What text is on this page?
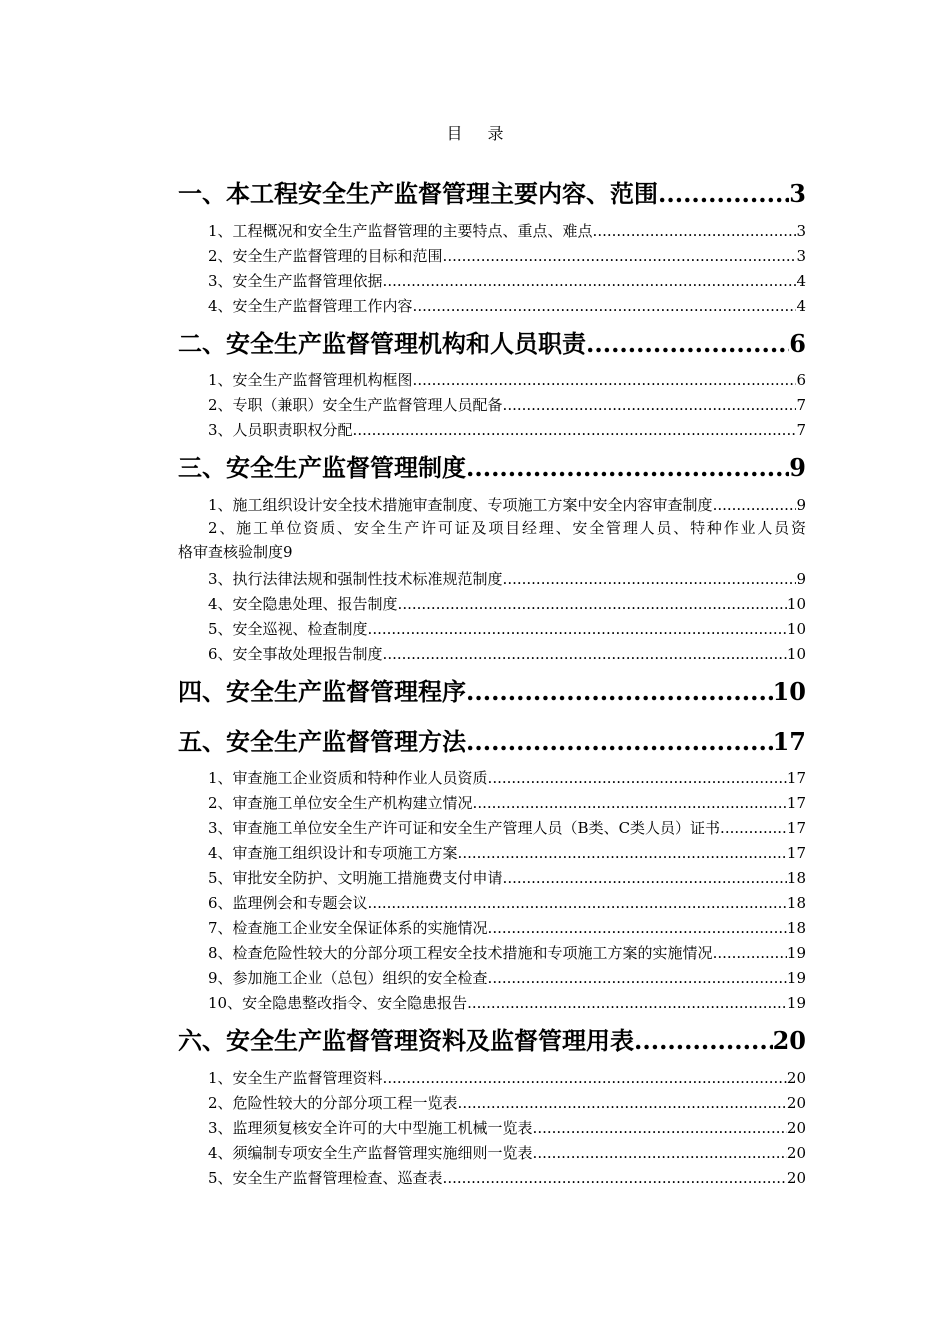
目 录
一、本工程安全生产监督管理主要内容、范围 .....	3
1、工程概况和安全生产监督管理的主要特点、重点、难点 .....	3
2、安全生产监督管理的目标和范围 .....	3
3、安全生产监督管理依据 .....	4
4、安全生产监督管理工作内容 .....	4
二、安全生产监督管理机构和人员职责 .....	6
1、安全生产监督管理机构框图 .....	6
2、专职（兼职）安全生产监督管理人员配备 .....	7
3、人员职责职权分配 .....	7
三、安全生产监督管理制度 .....	9
1、施工组织设计安全技术措施审查制度、专项施工方案中安全内容审查制度 .....	9
2、施工单位资质、安全生产许可证及项目经理、安全管理人员、特种作业人员资
格审查核验制度 9
3、执行法律法规和强制性技术标准规范制度 .....	9
4、安全隐患处理、报告制度 .....	10
5、安全巡视、检查制度 .....	10
6、安全事故处理报告制度 .....	10
四、安全生产监督管理程序 .....	10
五、安全生产监督管理方法 .....	17
1、审查施工企业资质和特种作业人员资质 .....	17
2、审查施工单位安全生产机构建立情况 .....	17
3、审查施工单位安全生产许可证和安全生产管理人员（B类、C类人员）证书 .....	17
4、审查施工组织设计和专项施工方案 .....	17
5、审批安全防护、文明施工措施费支付申请 .....	18
6、监理例会和专题会议 .....	18
7、检查施工企业安全保证体系的实施情况 .....	18
8、检查危险性较大的分部分项工程安全技术措施和专项施工方案的实施情况 .....	19
9、参加施工企业（总包）组织的安全检查 .....	19
10、安全隐患整改指令、安全隐患报告 .....	19
六、安全生产监督管理资料及监督管理用表 .....	20
1、安全生产监督管理资料 .....	20
2、危险性较大的分部分项工程一览表 .....	20
3、监理须复核安全许可的大中型施工机械一览表 .....	20
4、须编制专项安全生产监督管理实施细则一览表 .....	20
5、安全生产监督管理检查、巡查表 .....	20
